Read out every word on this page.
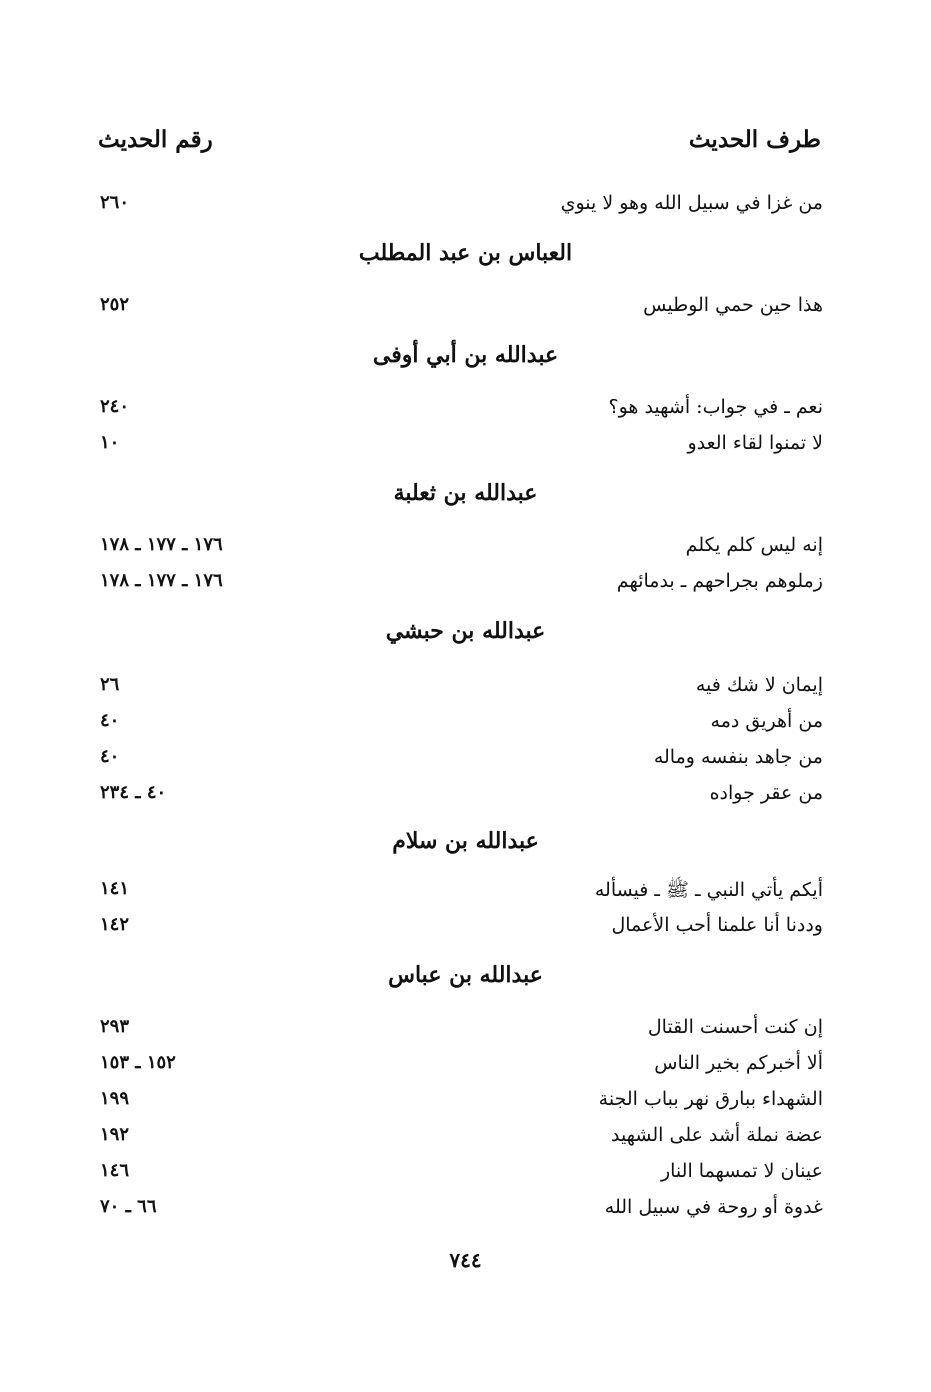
طرف الحديث
رقم الحديث
من غزا في سبيل الله وهو لا ينوي
٢٦٠
العباس بن عبد المطلب
هذا حين حمي الوطيس
٢٥٢
عبدالله بن أبي أوفى
نعم ـ في جواب: أشهيد هو؟
٢٤٠
لا تمنوا لقاء العدو
١٠
عبدالله بن ثعلبة
إنه ليس كلم يكلم
١٧٦ ـ ١٧٧ ـ ١٧٨
زملوهم بجراحهم ـ بدمائهم
١٧٦ ـ ١٧٧ ـ ١٧٨
عبدالله بن حبشي
إيمان لا شك فيه
٢٦
من أهريق دمه
٤٠
من جاهد بنفسه وماله
٤٠
من عقر جواده
٤٠ ـ ٢٣٤
عبدالله بن سلام
أيكم يأتي النبي ـ ﷺ ـ فيسأله
١٤١
وددنا أنا علمنا أحب الأعمال
١٤٢
عبدالله بن عباس
إن كنت أحسنت القتال
٢٩٣
ألا أخبركم بخير الناس
١٥٢ ـ ١٥٣
الشهداء ببارق نهر بباب الجنة
١٩٩
عضة نملة أشد على الشهيد
١٩٢
عينان لا تمسهما النار
١٤٦
غدوة أو روحة في سبيل الله
٦٦ ـ ٧٠
٧٤٤
